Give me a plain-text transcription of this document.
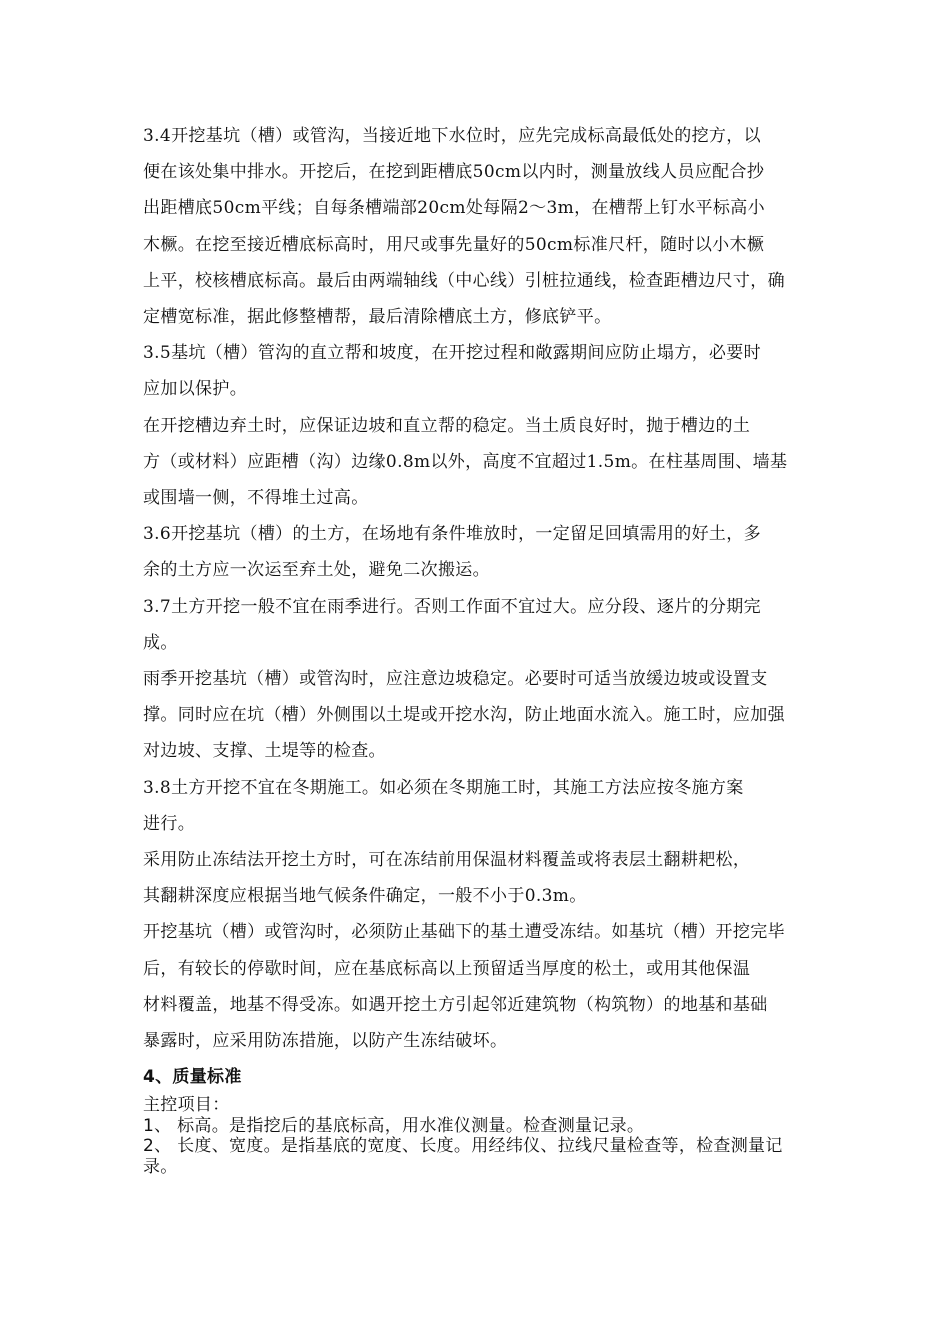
3.4开挖基坑（槽）或管沟，当接近地下水位时，应先完成标高最低处的挖方，以

便在该处集中排水。开挖后，在挖到距槽底50cm以内时，测量放线人员应配合抄

出距槽底50cm平线；自每条槽端部20cm处每隔2～3m，在槽帮上钉水平标高小

木橛。在挖至接近槽底标高时，用尺或事先量好的50cm标准尺杆，随时以小木橛

上平，校核槽底标高。最后由两端轴线（中心线）引桩拉通线，检查距槽边尺寸，确

定槽宽标准，据此修整槽帮，最后清除槽底土方，修底铲平。

3.5基坑（槽）管沟的直立帮和坡度，在开挖过程和敞露期间应防止塌方，必要时

应加以保护。

在开挖槽边弃土时，应保证边坡和直立帮的稳定。当土质良好时，抛于槽边的土

方（或材料）应距槽（沟）边缘0.8m以外，高度不宜超过1.5m。在柱基周围、墙基

或围墙一侧，不得堆土过高。

3.6开挖基坑（槽）的土方，在场地有条件堆放时，一定留足回填需用的好土，多

余的土方应一次运至弃土处，避免二次搬运。

3.7土方开挖一般不宜在雨季进行。否则工作面不宜过大。应分段、逐片的分期完

成。

雨季开挖基坑（槽）或管沟时，应注意边坡稳定。必要时可适当放缓边坡或设置支

撑。同时应在坑（槽）外侧围以土堤或开挖水沟，防止地面水流入。施工时，应加强

对边坡、支撑、土堤等的检查。

3.8土方开挖不宜在冬期施工。如必须在冬期施工时，其施工方法应按冬施方案

进行。

采用防止冻结法开挖土方时，可在冻结前用保温材料覆盖或将表层土翻耕耙松，

其翻耕深度应根据当地气候条件确定，一般不小于0.3m。

开挖基坑（槽）或管沟时，必须防止基础下的基土遭受冻结。如基坑（槽）开挖完毕

后，有较长的停歇时间，应在基底标高以上预留适当厚度的松土，或用其他保温

材料覆盖，地基不得受冻。如遇开挖土方引起邻近建筑物（构筑物）的地基和基础

暴露时，应采用防冻措施，以防产生冻结破坏。

4、质量标准

主控项目：

1、 标高。是指挖后的基底标高，用水准仪测量。检查测量记录。

2、 长度、宽度。是指基底的宽度、长度。用经纬仪、拉线尺量检查等，检查测量记

录。
